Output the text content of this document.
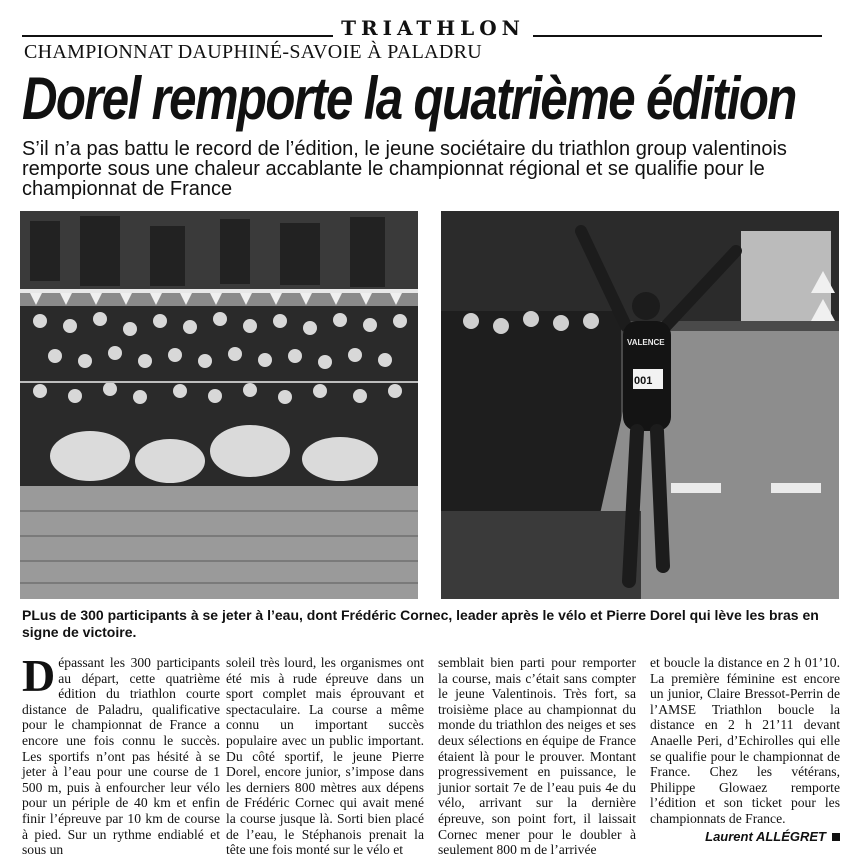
TRIATHLON
CHAMPIONNAT DAUPHINÉ-SAVOIE À PALADRU
Dorel remporte la quatrième édition

S’il n’a pas battu le record de l’édition, le jeune sociétaire du triathlon group valentinois remporte sous une chaleur accablante le championnat régional et se qualifie pour le championnat de France

001
VALENCE

PLus de 300 participants à se jeter à l’eau, dont Frédéric Cornec, leader après le vélo et Pierre Dorel qui lève les bras en signe de victoire.

Dépassant les 300 participants au départ, cette quatrième édition du triathlon courte distance de Paladru, qualificative pour le championnat de France a encore une fois connu le succès. Les sportifs n’ont pas hésité à se jeter à l’eau pour une course de 1 500 m, puis à enfourcher leur vélo pour un périple de 40 km et enfin finir l’épreuve par 10 km de course à pied. Sur un rythme endiablé et sous un

soleil très lourd, les organismes ont été mis à rude épreuve dans un sport complet mais éprouvant et spectaculaire. La course a même connu un important succès populaire avec un public important. Du côté sportif, le jeune Pierre Dorel, encore junior, s’impose dans les derniers 800 mètres aux dépens de Frédéric Cornec qui avait mené la course jusque là. Sorti bien placé de l’eau, le Stéphanois prenait la tête une fois monté sur le vélo et

semblait bien parti pour remporter la course, mais c’était sans compter le jeune Valentinois. Très fort, sa troisième place au championnat du monde du triathlon des neiges et ses deux sélections en équipe de France étaient là pour le prouver. Montant progressivement en puissance, le junior sortait 7e de l’eau puis 4e du vélo, arrivant sur la dernière épreuve, son point fort, il laissait Cornec mener pour le doubler à seulement 800 m de l’arrivée

et boucle la distance en 2 h 01’10. La première féminine est encore un junior, Claire Bressot-Perrin de l’AMSE Triathlon boucle la distance en 2 h 21’11 devant Anaelle Peri, d’Echirolles qui elle se qualifie pour le championnat de France. Chez les vétérans, Philippe Glowaez remporte l’édition et son ticket pour les championnats de France.
Laurent ALLÉGRET
